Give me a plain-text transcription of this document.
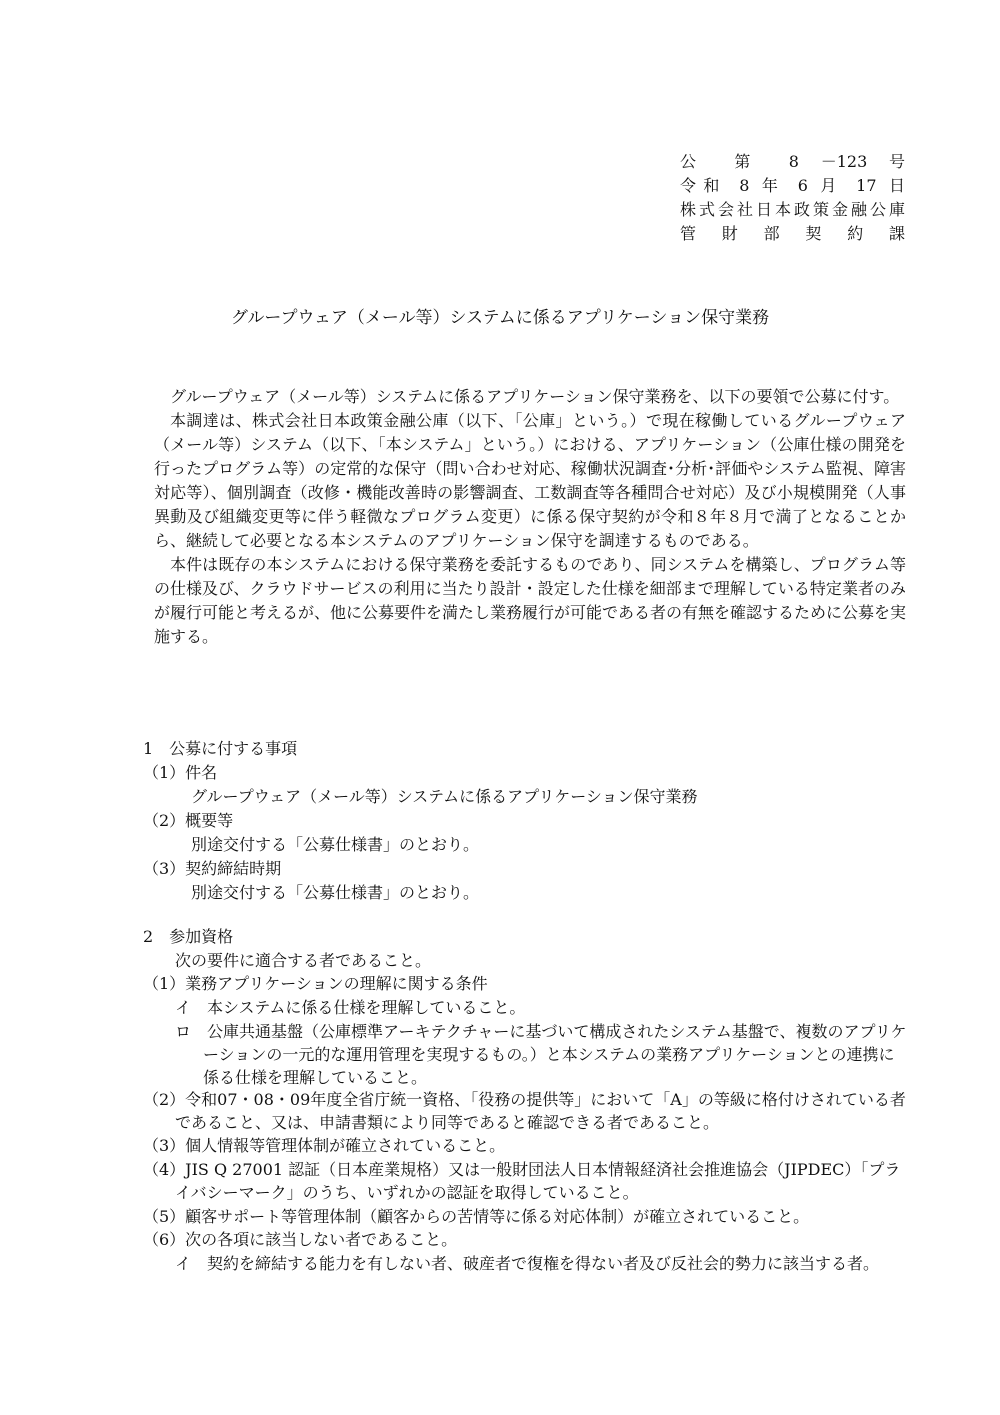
公 第 8 －123 号
令和 8 年 6 月 17 日
株式会社日本政策金融公庫
管 財 部 契 約 課
グループウェア（メール等）システムに係るアプリケーション保守業務

グループウェア（メール等）システムに係るアプリケーション保守業務を、以下の要領で公募に付す。

本調達は、株式会社日本政策金融公庫（以下、「公庫」という。）で現在稼働しているグループウェア（メール等）システム（以下、「本システム」という。）における、アプリケーション（公庫仕様の開発を行ったプログラム等）の定常的な保守（問い合わせ対応、稼働状況調査･分析･評価やシステム監視、障害対応等）、個別調査（改修・機能改善時の影響調査、工数調査等各種問合せ対応）及び小規模開発（人事異動及び組織変更等に伴う軽微なプログラム変更）に係る保守契約が令和８年８月で満了となることから、継続して必要となる本システムのアプリケーション保守を調達するものである。

本件は既存の本システムにおける保守業務を委託するものであり、同システムを構築し、プログラム等の仕様及び、クラウドサービスの利用に当たり設計・設定した仕様を細部まで理解している特定業者のみが履行可能と考えるが、他に公募要件を満たし業務履行が可能である者の有無を確認するために公募を実施する。

1　公募に付する事項
（1）件名
グループウェア（メール等）システムに係るアプリケーション保守業務
（2）概要等
別途交付する「公募仕様書」のとおり。
（3）契約締結時期
別途交付する「公募仕様書」のとおり。
2　参加資格
次の要件に適合する者であること。
（1）業務アプリケーションの理解に関する条件
イ　本システムに係る仕様を理解していること。
ロ　公庫共通基盤（公庫標準アーキテクチャーに基づいて構成されたシステム基盤で、複数のアプリケーションの一元的な運用管理を実現するもの。）と本システムの業務アプリケーションとの連携に係る仕様を理解していること。
（2）令和07・08・09年度全省庁統一資格、「役務の提供等」において「A」の等級に格付けされている者であること、又は、申請書類により同等であると確認できる者であること。
（3）個人情報等管理体制が確立されていること。
（4）JIS Q 27001 認証（日本産業規格）又は一般財団法人日本情報経済社会推進協会（JIPDEC）「プライバシーマーク」のうち、いずれかの認証を取得していること。
（5）顧客サポート等管理体制（顧客からの苦情等に係る対応体制）が確立されていること。
（6）次の各項に該当しない者であること。
イ　契約を締結する能力を有しない者、破産者で復権を得ない者及び反社会的勢力に該当する者。
